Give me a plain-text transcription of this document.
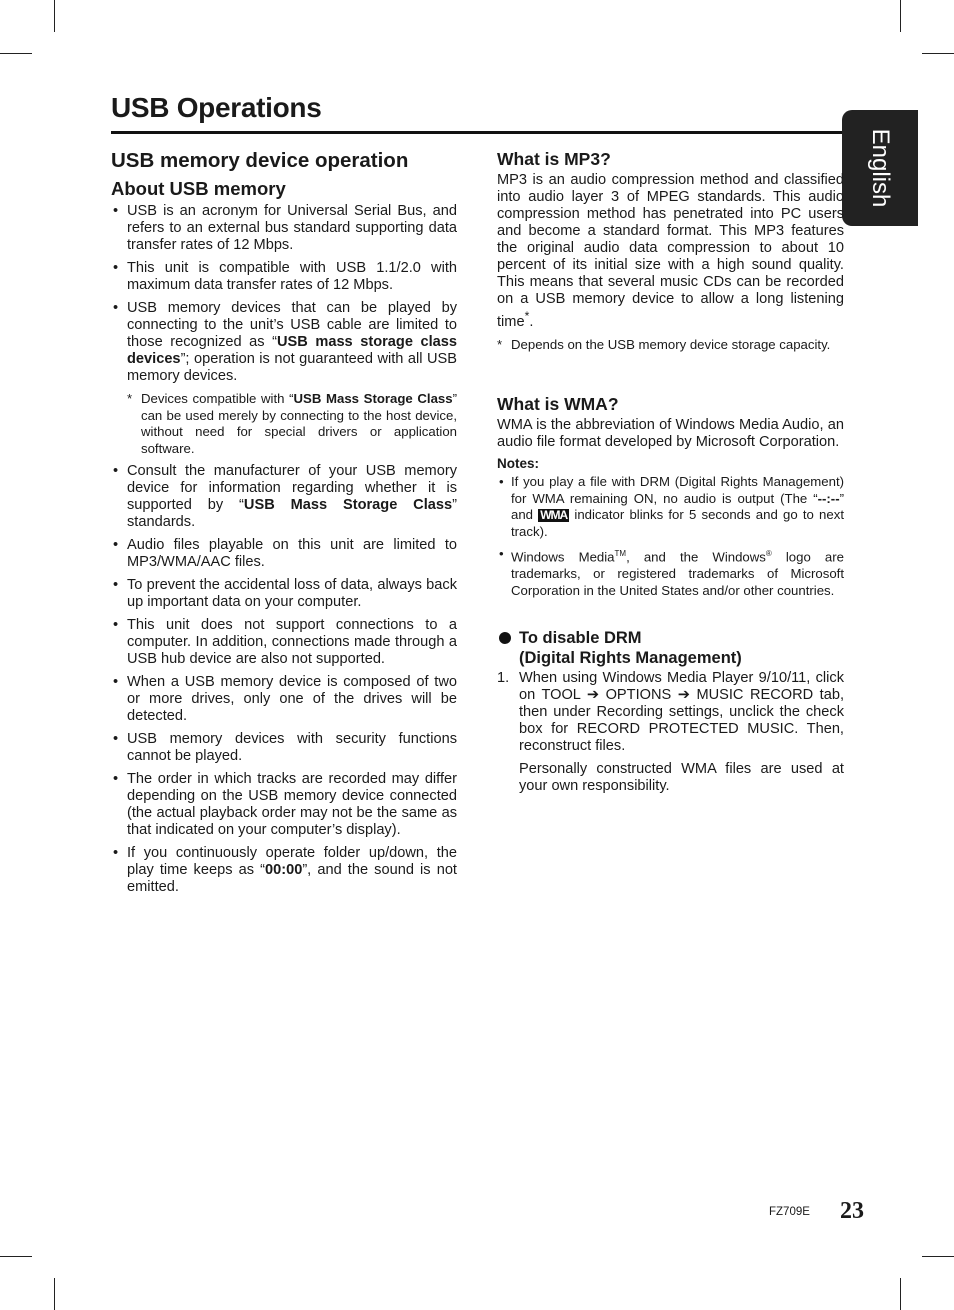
USB Operations
English
USB memory device operation
About USB memory
• USB is an acronym for Universal Serial Bus, and refers to an external bus standard supporting data transfer rates of 12 Mbps.
• This unit is compatible with USB 1.1/2.0 with maximum data transfer rates of 12 Mbps.
• USB memory devices that can be played by connecting to the unit’s USB cable are limited to those recognized as “USB mass storage class devices”; operation is not guaranteed with all USB memory devices.
* Devices compatible with “USB Mass Storage Class” can be used merely by connecting to the host device, without need for special drivers or application software.
• Consult the manufacturer of your USB memory device for information regarding whether it is supported by “USB Mass Storage Class” standards.
• Audio files playable on this unit are limited to MP3/WMA/AAC files.
• To prevent the accidental loss of data, always back up important data on your computer.
• This unit does not support connections to a computer. In addition, connections made through a USB hub device are also not supported.
• When a USB memory device is composed of two or more drives, only one of the drives will be detected.
• USB memory devices with security functions cannot be played.
• The order in which tracks are recorded may differ depending on the USB memory device connected (the actual playback order may not be the same as that indicated on your computer’s display).
• If you continuously operate folder up/down, the play time keeps as “00:00”, and the sound is not emitted.
What is MP3?

MP3 is an audio compression method and classified into audio layer 3 of MPEG standards. This audio compression method has penetrated into PC users and become a standard format. This MP3 features the original audio data compression to about 10 percent of its initial size with a high sound quality. This means that several music CDs can be recorded on a USB memory device to allow a long listening time*.

* Depends on the USB memory device storage capacity.
What is WMA?

WMA is the abbreviation of Windows Media Audio, an audio file format developed by Microsoft Corporation.

Notes:
• If you play a file with DRM (Digital Rights Management) for WMA remaining ON, no audio is output (The “--:--” and WMA indicator blinks for 5 seconds and go to next track).
• Windows Media™, and the Windows® logo are trademarks, or registered trademarks of Microsoft Corporation in the United States and/or other countries.
To disable DRM
(Digital Rights Management)
1. When using Windows Media Player 9/10/11, click on TOOL ➔ OPTIONS ➔ MUSIC RECORD tab, then under Recording settings, unclick the check box for RECORD PROTECTED MUSIC. Then, reconstruct files.

Personally constructed WMA files are used at your own responsibility.

FZ709E 23
